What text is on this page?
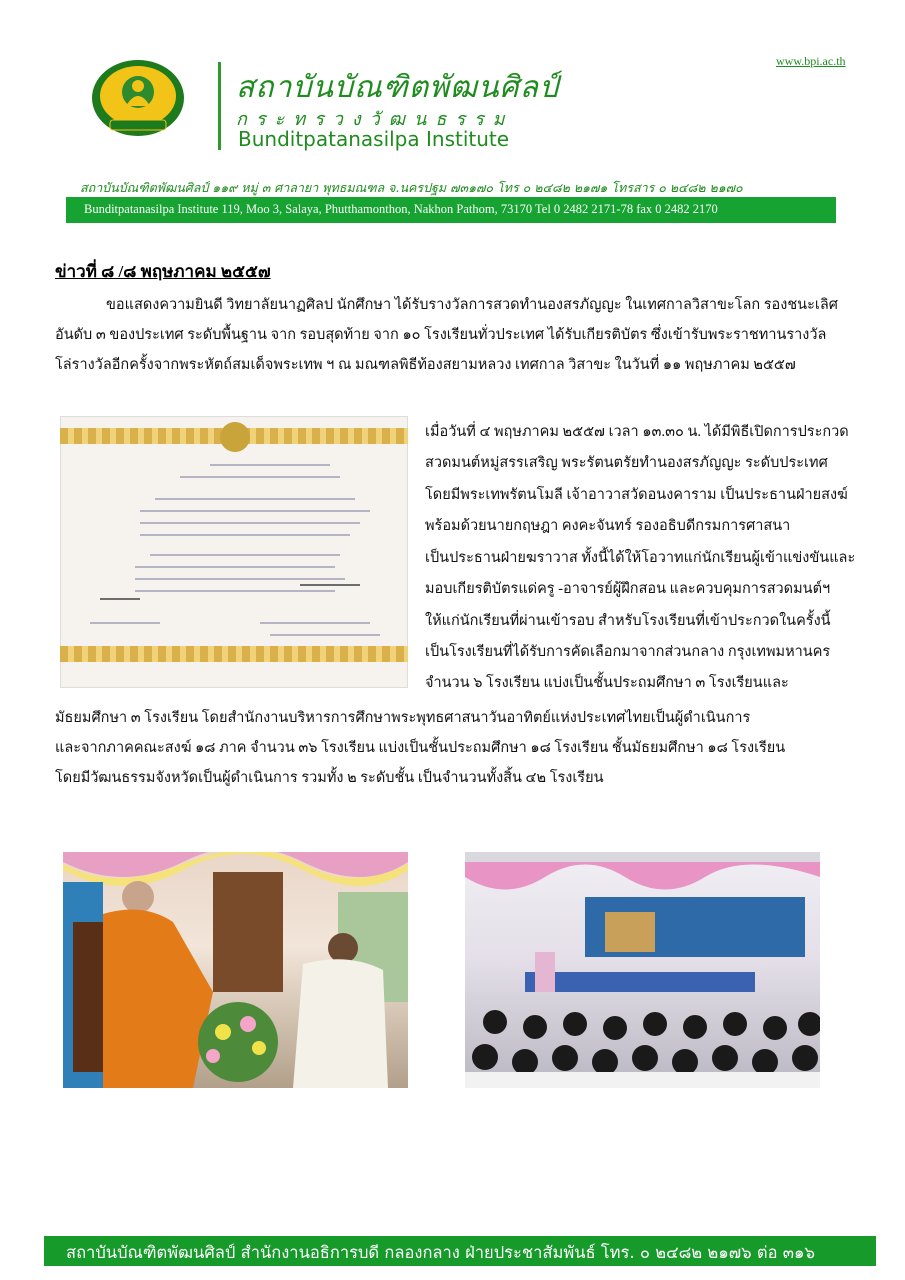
สถาบันบัณฑิตพัฒนศิลป์
กระทรวงวัฒนธรรม
Bunditpatanasilpa Institute
www.bpi.ac.th
สถาบันบัณฑิตพัฒนศิลป์ ๑๑๙ หมู่ ๓ ศาลายา พุทธมณฑล จ.นครปฐม ๗๓๑๗๐ โทร ๐ ๒๔๘๒ ๒๑๗๑ โทรสาร ๐ ๒๔๘๒ ๒๑๗๐
Bunditpatanasilpa Institute 119, Moo 3, Salaya, Phutthamonthon, Nakhon Pathom, 73170 Tel 0 2482 2171-78 fax 0 2482 2170
ข่าวที่ ๘ /๘ พฤษภาคม ๒๕๕๗
ขอแสดงความยินดี วิทยาลัยนาฏศิลป นักศึกษา ได้รับรางวัลการสวดทำนองสรภัญญะ ในเทศกาลวิสาขะโลก รองชนะเลิศ
อันดับ ๓ ของประเทศ ระดับพื้นฐาน จาก รอบสุดท้าย จาก ๑๐ โรงเรียนทั่วประเทศ ได้รับเกียรติบัตร ซึ่งเข้ารับพระราชทานรางวัล
โล่รางวัลอีกครั้งจากพระหัตถ์สมเด็จพระเทพ ฯ ณ มณฑลพิธีท้องสยามหลวง เทศกาล วิสาขะ ในวันที่ ๑๑ พฤษภาคม ๒๕๕๗
เมื่อวันที่ ๔ พฤษภาคม ๒๕๕๗ เวลา ๑๓.๓๐ น. ได้มีพิธีเปิดการประกวด
สวดมนต์หมู่สรรเสริญ พระรัตนตรัยทำนองสรภัญญะ ระดับประเทศ
โดยมีพระเทพรัตนโมลี เจ้าอาวาสวัดอนงคาราม เป็นประธานฝ่ายสงฆ์
พร้อมด้วยนายกฤษฎา คงคะจันทร์ รองอธิบดีกรมการศาสนา
เป็นประธานฝ่ายฆราวาส ทั้งนี้ได้ให้โอวาทแก่นักเรียนผู้เข้าแข่งขันและ
มอบเกียรติบัตรแด่ครู -อาจารย์ผู้ฝึกสอน และควบคุมการสวดมนต์ฯ
ให้แก่นักเรียนที่ผ่านเข้ารอบ สำหรับโรงเรียนที่เข้าประกวดในครั้งนี้
เป็นโรงเรียนที่ได้รับการคัดเลือกมาจากส่วนกลาง กรุงเทพมหานคร
จำนวน ๖ โรงเรียน แบ่งเป็นชั้นประถมศึกษา ๓ โรงเรียนและ
มัธยมศึกษา ๓ โรงเรียน โดยสำนักงานบริหารการศึกษาพระพุทธศาสนาวันอาทิตย์แห่งประเทศไทยเป็นผู้ดำเนินการ
และจากภาคคณะสงฆ์ ๑๘ ภาค จำนวน ๓๖ โรงเรียน แบ่งเป็นชั้นประถมศึกษา ๑๘ โรงเรียน ชั้นมัธยมศึกษา ๑๘ โรงเรียน
โดยมีวัฒนธรรมจังหวัดเป็นผู้ดำเนินการ รวมทั้ง ๒ ระดับชั้น เป็นจำนวนทั้งสิ้น ๔๒ โรงเรียน
สถาบันบัณฑิตพัฒนศิลป์ สำนักงานอธิการบดี กลองกลาง ฝ่ายประชาสัมพันธ์ โทร. ๐ ๒๔๘๒ ๒๑๗๖ ต่อ ๓๑๖
